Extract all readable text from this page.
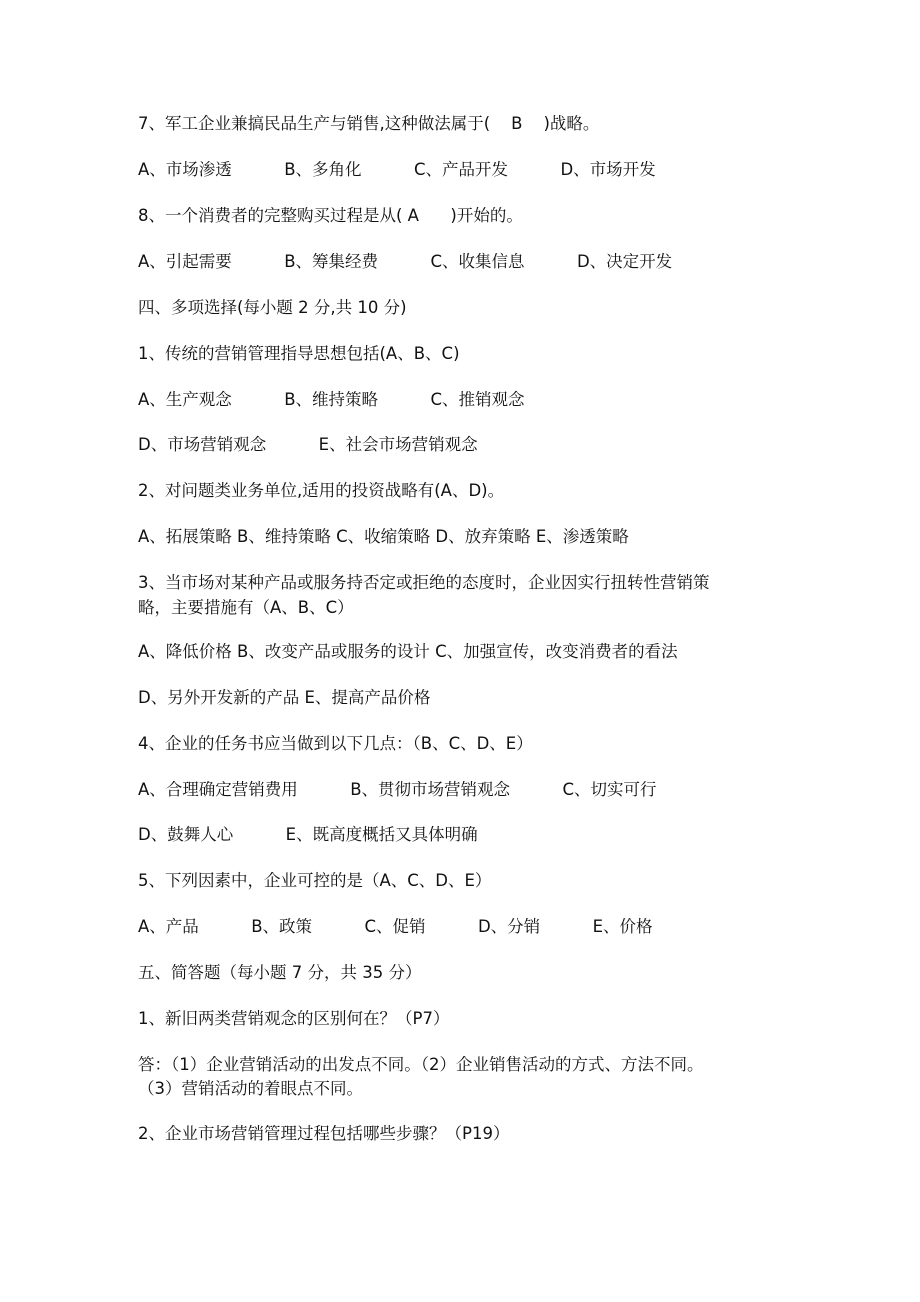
7、军工企业兼搞民品生产与销售,这种做法属于(    B    )战略。
A、市场渗透          B、多角化          C、产品开发          D、市场开发
8、一个消费者的完整购买过程是从( A      )开始的。
A、引起需要          B、筹集经费          C、收集信息          D、决定开发
四、多项选择(每小题 2 分,共 10 分)
1、传统的营销管理指导思想包括(A、B、C)
A、生产观念          B、维持策略          C、推销观念
D、市场营销观念          E、社会市场营销观念
2、对问题类业务单位,适用的投资战略有(A、D)。
A、拓展策略 B、维持策略 C、收缩策略 D、放弃策略 E、渗透策略
3、当市场对某种产品或服务持否定或拒绝的态度时，企业因实行扭转性营销策
略，主要措施有（A、B、C）
A、降低价格 B、改变产品或服务的设计 C、加强宣传，改变消费者的看法
D、另外开发新的产品 E、提高产品价格
4、企业的任务书应当做到以下几点：（B、C、D、E）
A、合理确定营销费用          B、贯彻市场营销观念          C、切实可行
D、鼓舞人心          E、既高度概括又具体明确
5、下列因素中，企业可控的是（A、C、D、E）
A、产品          B、政策          C、促销          D、分销          E、价格
五、简答题（每小题 7 分，共 35 分）
1、新旧两类营销观念的区别何在？（P7）
答：（1）企业营销活动的出发点不同。（2）企业销售活动的方式、方法不同。
（3）营销活动的着眼点不同。
2、企业市场营销管理过程包括哪些步骤？（P19）
